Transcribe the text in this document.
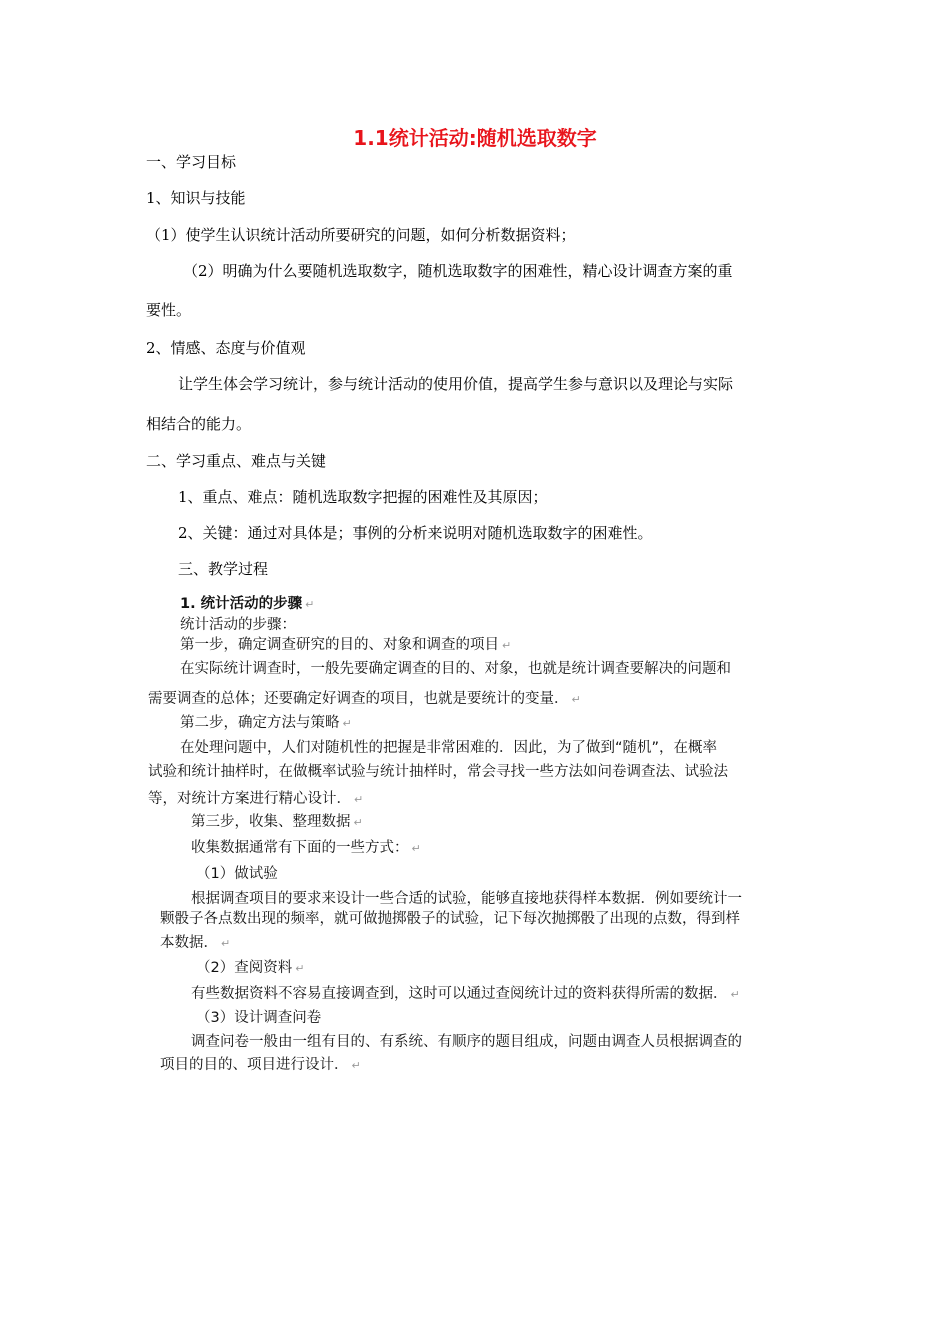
1.1统计活动:随机选取数字
一、学习目标
1、知识与技能
（1）使学生认识统计活动所要研究的问题，如何分析数据资料；
（2）明确为什么要随机选取数字，随机选取数字的困难性，精心设计调查方案的重
要性。
2、情感、态度与价值观
让学生体会学习统计，参与统计活动的使用价值，提高学生参与意识以及理论与实际
相结合的能力。
二、学习重点、难点与关键
1、重点、难点：随机选取数字把握的困难性及其原因；
2、关键：通过对具体是；事例的分析来说明对随机选取数字的困难性。
三、教学过程
1. 统计活动的步骤 ↵
统计活动的步骤：
第一步，确定调查研究的目的、对象和调查的项目 ↵
在实际统计调查时，一般先要确定调查的目的、对象，也就是统计调查要解决的问题和
需要调查的总体；还要确定好调查的项目，也就是要统计的变量． ↵
第二步，确定方法与策略 ↵
在处理问题中，人们对随机性的把握是非常困难的．因此，为了做到“随机”，在概率
试验和统计抽样时，在做概率试验与统计抽样时，常会寻找一些方法如问卷调查法、试验法
等，对统计方案进行精心设计． ↵
第三步，收集、整理数据 ↵
收集数据通常有下面的一些方式： ↵
（1）做试验
根据调查项目的要求来设计一些合适的试验，能够直接地获得样本数据．例如要统计一
颗骰子各点数出现的频率，就可做抛掷骰子的试验，记下每次抛掷骰了出现的点数，得到样
本数据． ↵
（2）查阅资料 ↵
有些数据资料不容易直接调查到，这时可以通过查阅统计过的资料获得所需的数据． ↵
（3）设计调查问卷
调查问卷一般由一组有目的、有系统、有顺序的题目组成，问题由调查人员根据调查的
项目的目的、项目进行设计． ↵
